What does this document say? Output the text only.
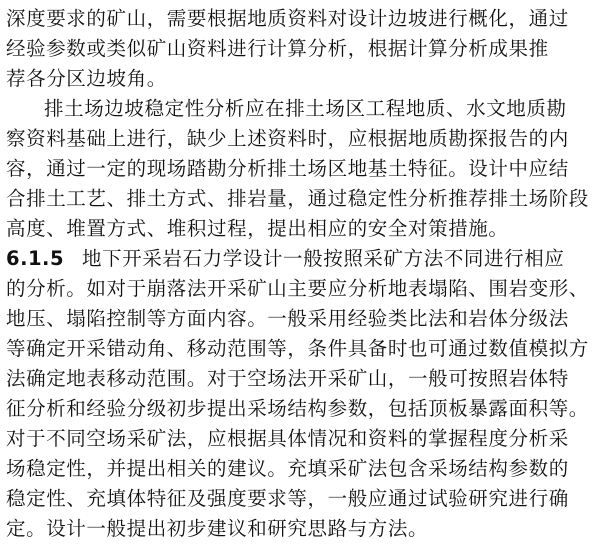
深度要求的矿山，需要根据地质资料对设计边坡进行概化，通过
经验参数或类似矿山资料进行计算分析，根据计算分析成果推
荐各分区边坡角。
排土场边坡稳定性分析应在排土场区工程地质、水文地质勘
察资料基础上进行，缺少上述资料时，应根据地质勘探报告的内
容，通过一定的现场踏勘分析排土场区地基土特征。设计中应结
合排土工艺、排土方式、排岩量，通过稳定性分析推荐排土场阶段
高度、堆置方式、堆积过程，提出相应的安全对策措施。
6.1.5 地下开采岩石力学设计一般按照采矿方法不同进行相应
的分析。如对于崩落法开采矿山主要应分析地表塌陷、围岩变形、
地压、塌陷控制等方面内容。一般采用经验类比法和岩体分级法
等确定开采错动角、移动范围等，条件具备时也可通过数值模拟方
法确定地表移动范围。对于空场法开采矿山，一般可按照岩体特
征分析和经验分级初步提出采场结构参数，包括顶板暴露面积等。
对于不同空场采矿法，应根据具体情况和资料的掌握程度分析采
场稳定性，并提出相关的建议。充填采矿法包含采场结构参数的
稳定性、充填体特征及强度要求等，一般应通过试验研究进行确
定。设计一般提出初步建议和研究思路与方法。
